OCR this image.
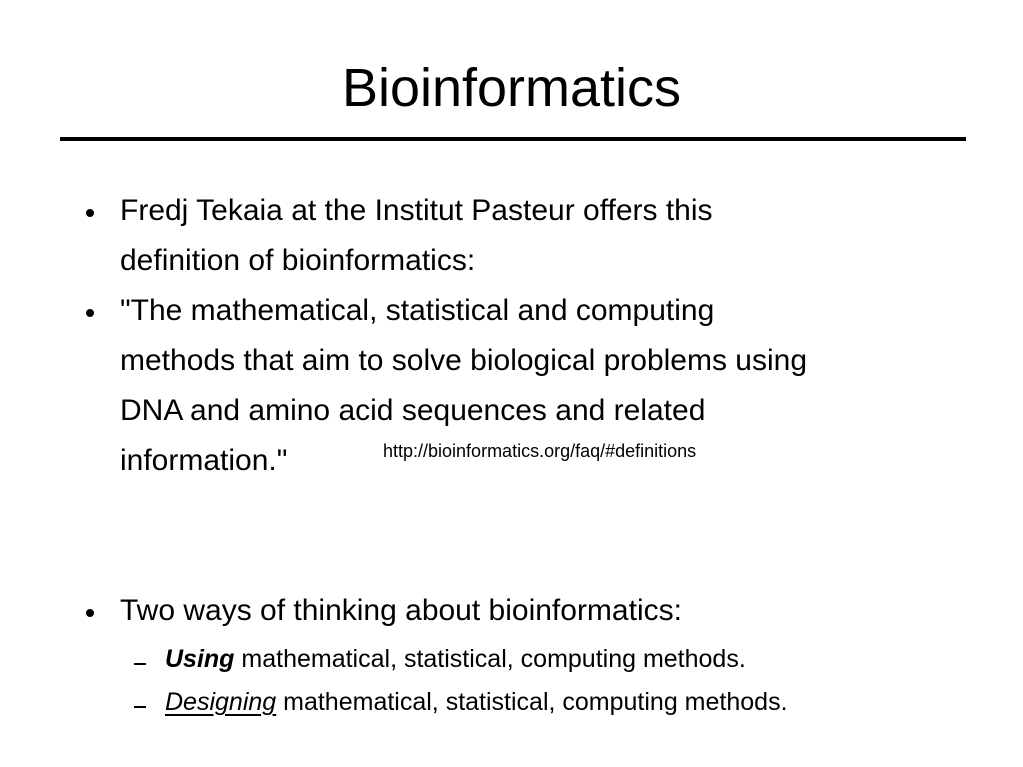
Bioinformatics
Fredj Tekaia at the Institut Pasteur offers this
definition of bioinformatics:
"The mathematical, statistical and computing
methods that aim to solve biological problems using
DNA and amino acid sequences and related
information."	http://bioinformatics.org/faq/#definitions
Two ways of thinking about bioinformatics:
Using mathematical, statistical, computing methods.
Designing mathematical, statistical, computing methods.
